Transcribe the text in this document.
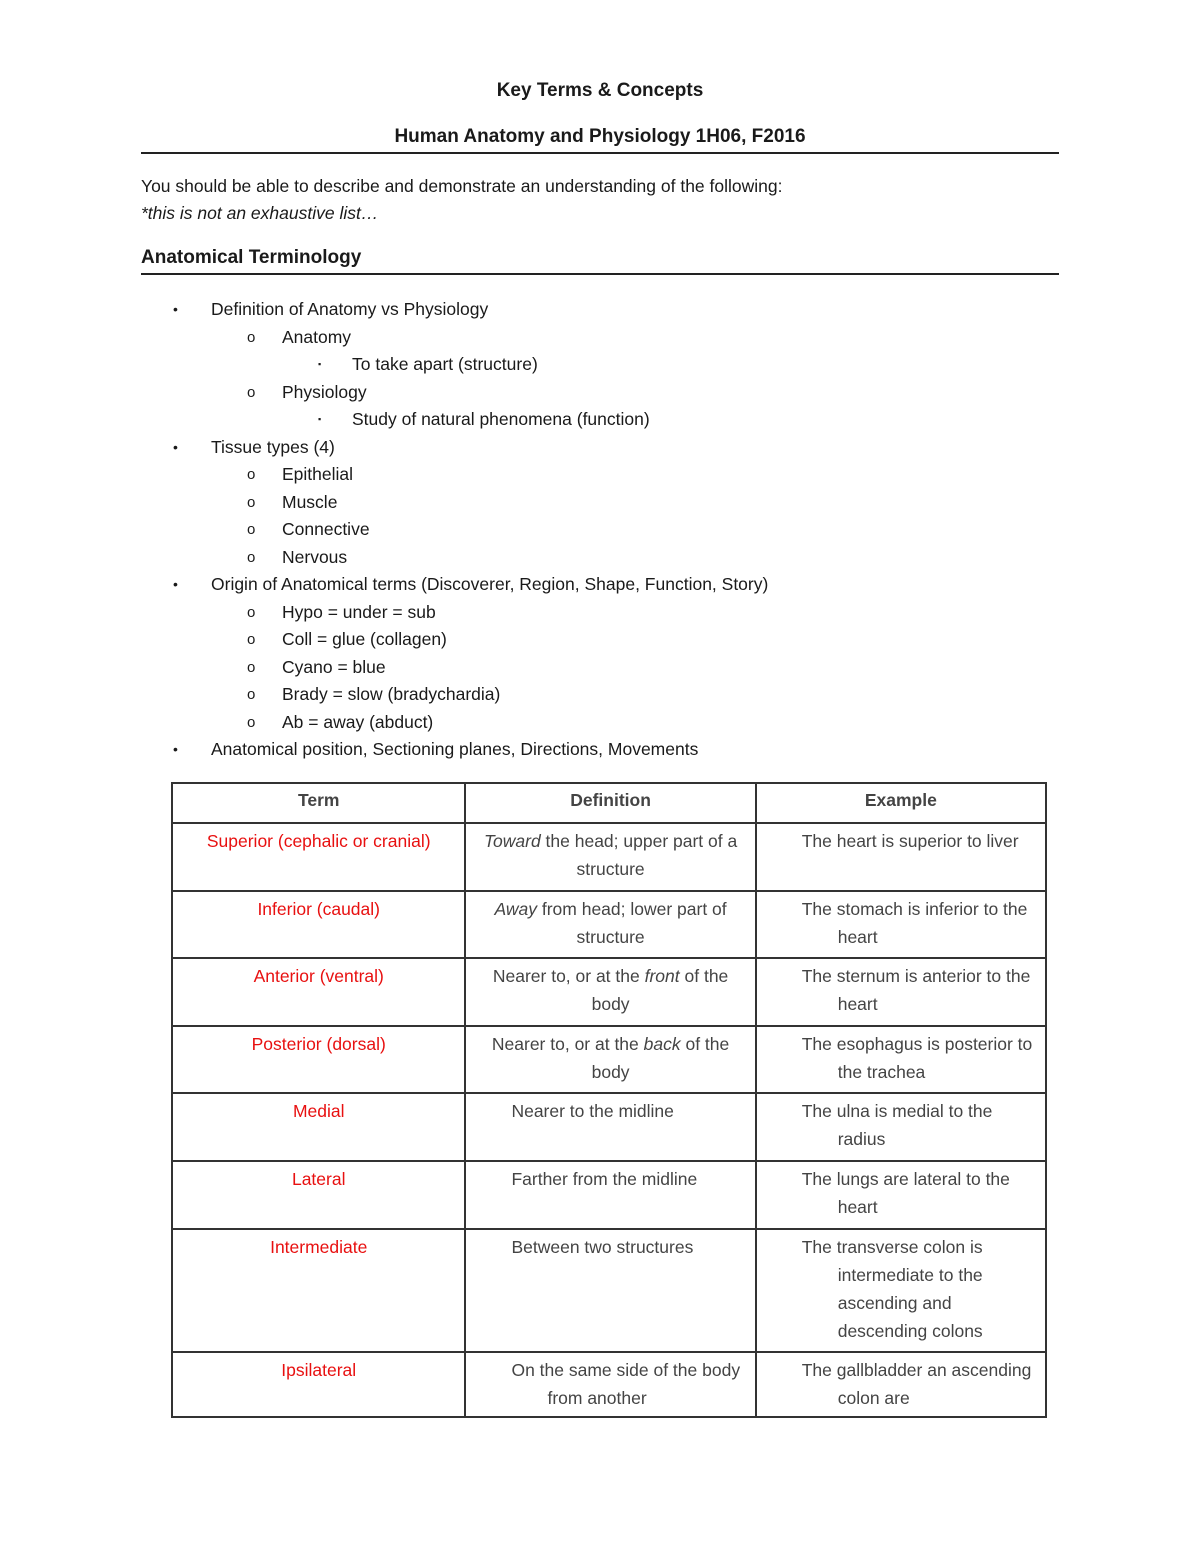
Key Terms & Concepts
Human Anatomy and Physiology 1H06, F2016
You should be able to describe and demonstrate an understanding of the following:
*this is not an exhaustive list…
Anatomical Terminology
• Definition of Anatomy vs Physiology
o Anatomy
▪ To take apart (structure)
o Physiology
▪ Study of natural phenomena (function)
• Tissue types (4)
o Epithelial
o Muscle
o Connective
o Nervous
• Origin of Anatomical terms (Discoverer, Region, Shape, Function, Story)
o Hypo = under = sub
o Coll = glue (collagen)
o Cyano = blue
o Brady = slow (bradychardia)
o Ab = away (abduct)
• Anatomical position, Sectioning planes, Directions, Movements
Term	Definition	Example
Superior (cephalic or cranial)	Toward the head; upper part of a structure	The heart is superior to liver
Inferior (caudal)	Away from head; lower part of structure	The stomach is inferior to the heart
Anterior (ventral)	Nearer to, or at the front of the body	The sternum is anterior to the heart
Posterior (dorsal)	Nearer to, or at the back of the body	The esophagus is posterior to the trachea
Medial	Nearer to the midline	The ulna is medial to the radius
Lateral	Farther from the midline	The lungs are lateral to the heart
Intermediate	Between two structures	The transverse colon is intermediate to the ascending and descending colons
Ipsilateral	On the same side of the body from another	The gallbladder an ascending colon are
